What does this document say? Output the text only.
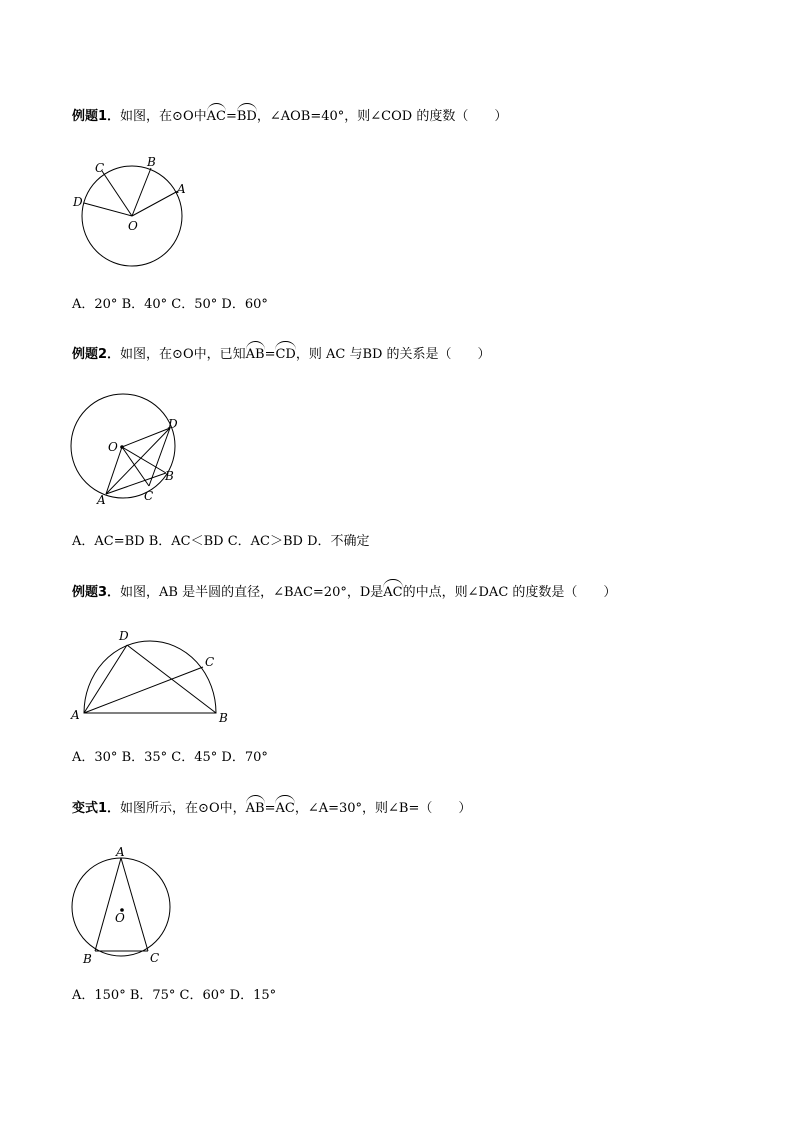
例题1．如图，在⊙O中AC=BD，∠AOB=40°，则∠COD 的度数（　　）
C	B
A
D
O
A．20° B．40° C．50° D．60°
例题2．如图，在⊙O中，已知AB=CD，则 AC 与BD 的关系是（　　）
O
D
B
C
A
A．AC=BD B．AC＜BD C．AC＞BD D．不确定
例题3．如图，AB 是半圆的直径，∠BAC=20°，D是AC的中点，则∠DAC 的度数是（　　）
D
C
A	B
A．30° B．35° C．45° D．70°
变式1．如图所示，在⊙O中，AB=AC，∠A=30°，则∠B=（　　）
A
O
B	C
A．150° B．75° C．60° D．15°
